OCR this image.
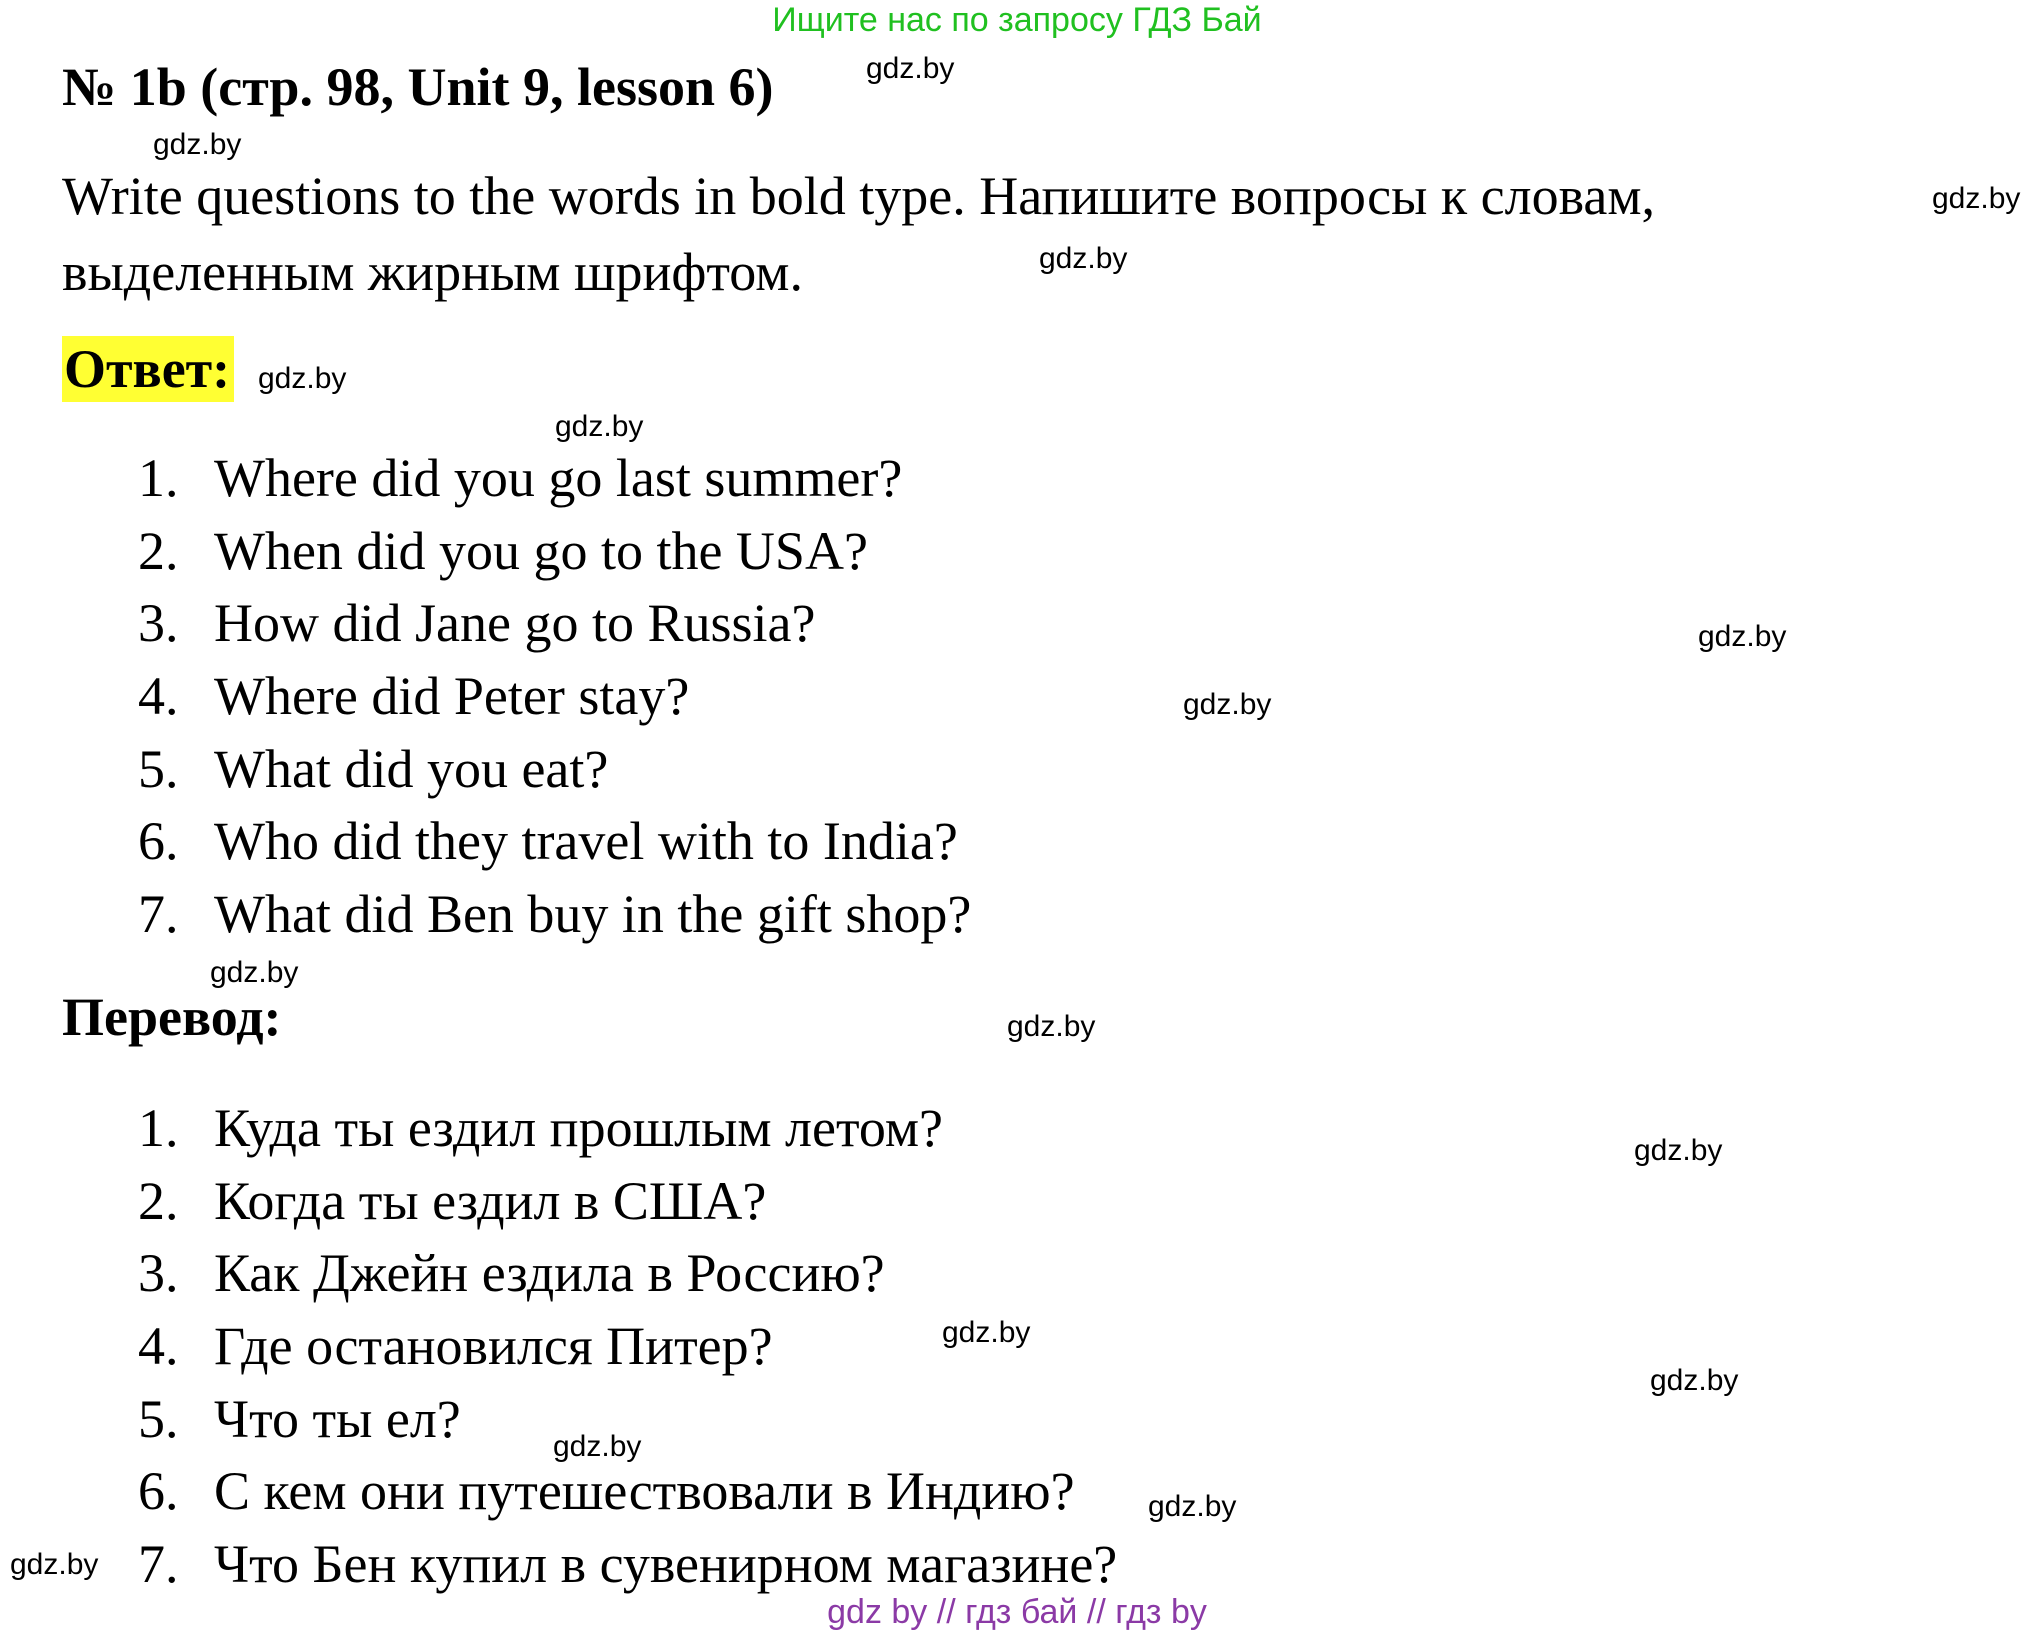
Ищите нас по запросу ГДЗ Бай
№ 1b (стр. 98, Unit 9, lesson 6)
Write questions to the words in bold type. Напишите вопросы к словам, выделенным жирным шрифтом.
Ответ:
1. Where did you go last summer?
2. When did you go to the USA?
3. How did Jane go to Russia?
4. Where did Peter stay?
5. What did you eat?
6. Who did they travel with to India?
7. What did Ben buy in the gift shop?
Перевод:
1. Куда ты ездил прошлым летом?
2. Когда ты ездил в США?
3. Как Джейн ездила в Россию?
4. Где остановился Питер?
5. Что ты ел?
6. С кем они путешествовали в Индию?
7. Что Бен купил в сувенирном магазине?
gdz.by
gdz.by
gdz.by
gdz.by
gdz.by
gdz.by
gdz.by
gdz.by
gdz.by
gdz.by
gdz.by
gdz.by
gdz.by
gdz.by
gdz.by
gdz.by
gdz by // гдз бай // гдз by
